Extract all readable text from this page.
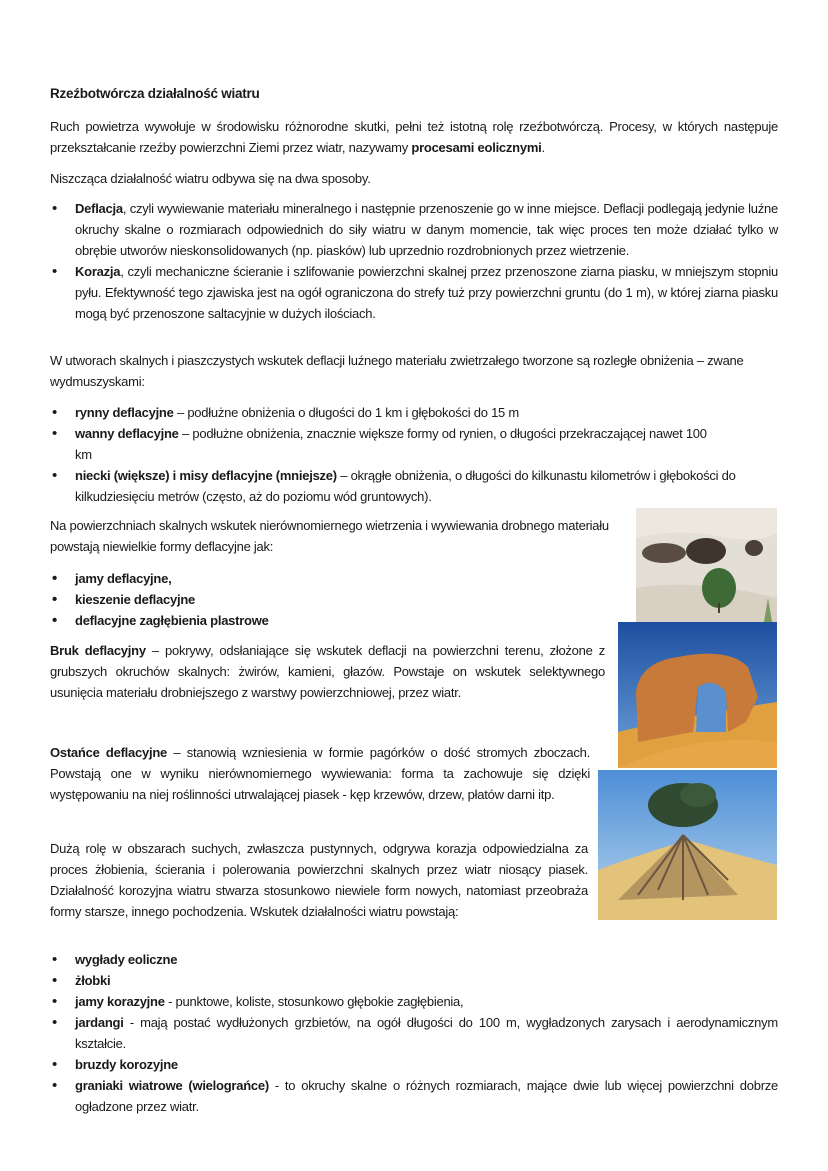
Rzeźbotwórcza działalność wiatru
Ruch powietrza wywołuje w środowisku różnorodne skutki, pełni też istotną rolę rzeźbotwórczą. Procesy, w których następuje przekształcanie rzeźby powierzchni Ziemi przez wiatr, nazywamy procesami eolicznymi.
Niszcząca działalność wiatru odbywa się na dwa sposoby.
• Deflacja, czyli wywiewanie materiału mineralnego i następnie przenoszenie go w inne miejsce. Deflacji podlegają jedynie luźne okruchy skalne o rozmiarach odpowiednich do siły wiatru w danym momencie, tak więc proces ten może działać tylko w obrębie utworów nieskonsolidowanych (np. piasków) lub uprzednio rozdrobnionych przez wietrzenie.
• Korazja, czyli mechaniczne ścieranie i szlifowanie powierzchni skalnej przez przenoszone ziarna piasku, w mniejszym stopniu pyłu. Efektywność tego zjawiska jest na ogół ograniczona do strefy tuż przy powierzchni gruntu (do 1 m), w której ziarna piasku mogą być przenoszone saltacyjnie w dużych ilościach.
W utworach skalnych i piaszczystych wskutek deflacji luźnego materiału zwietrzałego tworzone są rozległe obniżenia – zwane wydmuszyskami:
• rynny deflacyjne – podłużne obniżenia o długości do 1 km i głębokości do 15 m
• wanny deflacyjne – podłużne obniżenia, znacznie większe formy od rynien, o długości przekraczającej nawet 100 km
• niecki (większe) i misy deflacyjne (mniejsze) – okrągłe obniżenia, o długości do kilkunastu kilometrów i głębokości do kilkudziesięciu metrów (często, aż do poziomu wód gruntowych).
Na powierzchniach skalnych wskutek nierównomiernego wietrzenia i wywiewania drobnego materiału powstają niewielkie formy deflacyjne jak:
• jamy deflacyjne,
• kieszenie deflacyjne
• deflacyjne zagłębienia plastrowe
Bruk deflacyjny – pokrywy, odsłaniające się wskutek deflacji na powierzchni terenu, złożone z grubszych okruchów skalnych: żwirów, kamieni, głazów. Powstaje on wskutek selektywnego usunięcia materiału drobniejszego z warstwy powierzchniowej, przez wiatr.
Ostańce deflacyjne – stanowią wzniesienia w formie pagórków o dość stromych zboczach. Powstają one w wyniku nierównomiernego wywiewania: forma ta zachowuje się dzięki występowaniu na niej roślinności utrwalającej piasek - kęp krzewów, drzew, płatów darni itp.
Dużą rolę w obszarach suchych, zwłaszcza pustynnych, odgrywa korazja odpowiedzialna za proces żłobienia, ścierania i polerowania powierzchni skalnych przez wiatr niosący piasek. Działalność korozyjna wiatru stwarza stosunkowo niewiele form nowych, natomiast przeobraża formy starsze, innego pochodzenia. Wskutek działalności wiatru powstają:
• wygłady eoliczne
• żłobki
• jamy korazyjne - punktowe, koliste, stosunkowo głębokie zagłębienia,
• jardangi - mają postać wydłużonych grzbietów, na ogół długości do 100 m, wygładzonych zarysach i aerodynamicznym kształcie.
• bruzdy korozyjne
• graniaki wiatrowe (wielograńce) - to okruchy skalne o różnych rozmiarach, mające dwie lub więcej powierzchni dobrze ogładzone przez wiatr.
